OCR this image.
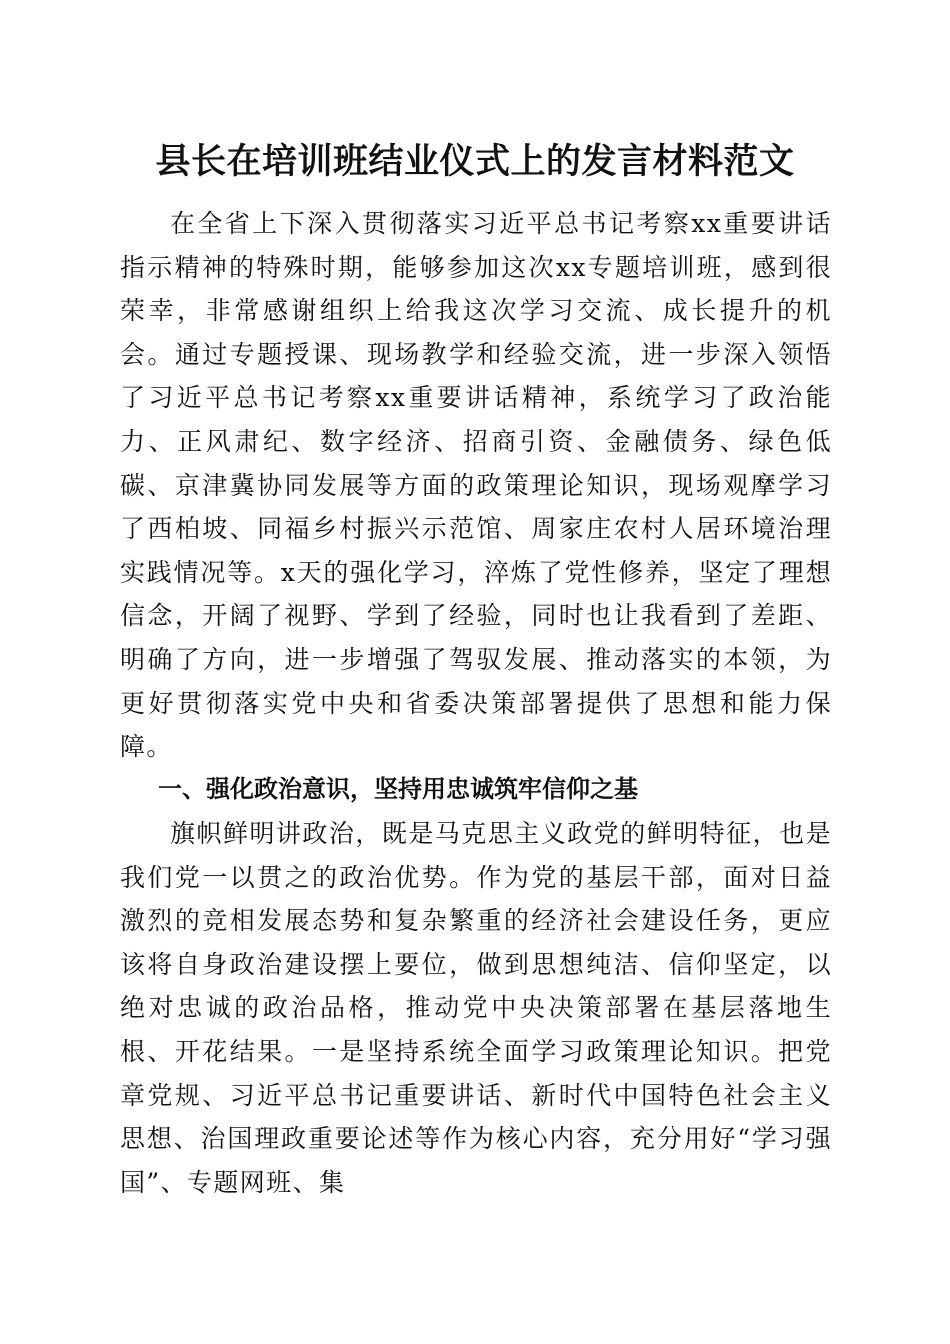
县长在培训班结业仪式上的发言材料范文

在全省上下深入贯彻落实习近平总书记考察xx重要讲话指示精神的特殊时期，能够参加这次xx专题培训班，感到很荣幸，非常感谢组织上给我这次学习交流、成长提升的机会。通过专题授课、现场教学和经验交流，进一步深入领悟了习近平总书记考察xx重要讲话精神，系统学习了政治能力、正风肃纪、数字经济、招商引资、金融债务、绿色低碳、京津冀协同发展等方面的政策理论知识，现场观摩学习了西柏坡、同福乡村振兴示范馆、周家庄农村人居环境治理实践情况等。x天的强化学习，淬炼了党性修养，坚定了理想信念，开阔了视野、学到了经验，同时也让我看到了差距、明确了方向，进一步增强了驾驭发展、推动落实的本领，为更好贯彻落实党中央和省委决策部署提供了思想和能力保障。

一、强化政治意识，坚持用忠诚筑牢信仰之基

旗帜鲜明讲政治，既是马克思主义政党的鲜明特征，也是我们党一以贯之的政治优势。作为党的基层干部，面对日益激烈的竞相发展态势和复杂繁重的经济社会建设任务，更应该将自身政治建设摆上要位，做到思想纯洁、信仰坚定，以绝对忠诚的政治品格，推动党中央决策部署在基层落地生根、开花结果。一是坚持系统全面学习政策理论知识。把党章党规、习近平总书记重要讲话、新时代中国特色社会主义思想、治国理政重要论述等作为核心内容，充分用好“学习强国”、专题网班、集
